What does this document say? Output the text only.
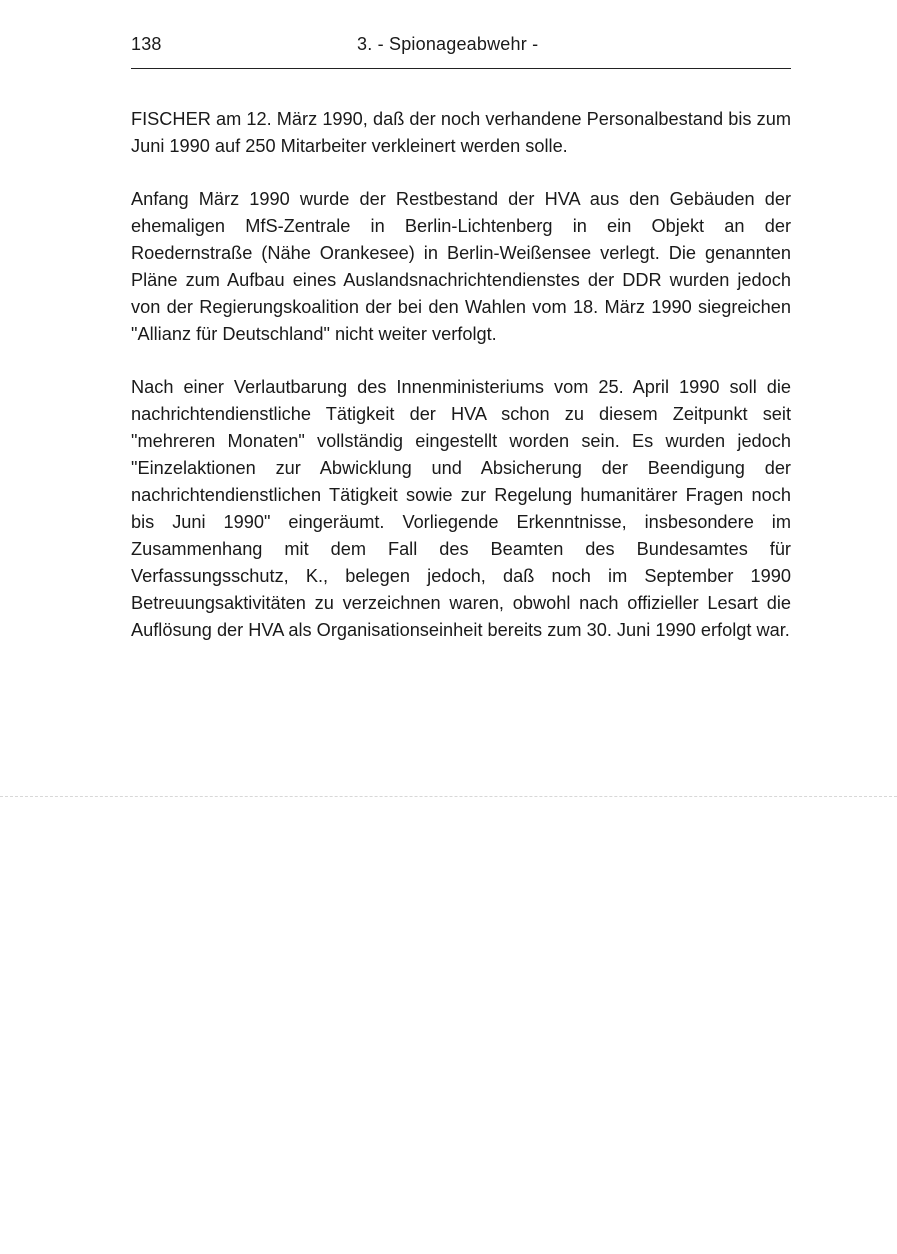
138	3. - Spionageabwehr -

FISCHER am 12. März 1990, daß der noch verhandene Personalbestand bis zum Juni 1990 auf 250 Mitarbeiter verkleinert werden solle.

Anfang März 1990 wurde der Restbestand der HVA aus den Gebäuden der ehemaligen MfS-Zentrale in Berlin-Lichtenberg in ein Objekt an der Roedernstraße (Nähe Orankesee) in Berlin-Weißensee verlegt. Die genannten Pläne zum Aufbau eines Auslandsnachrichtendienstes der DDR wurden jedoch von der Regierungskoalition der bei den Wahlen vom 18. März 1990 siegreichen "Allianz für Deutschland" nicht weiter verfolgt.

Nach einer Verlautbarung des Innenministeriums vom 25. April 1990 soll die nachrichtendienstliche Tätigkeit der HVA schon zu diesem Zeitpunkt seit "mehreren Monaten" vollständig eingestellt worden sein. Es wurden jedoch "Einzelaktionen zur Abwicklung und Absicherung der Beendigung der nachrichtendienstlichen Tätigkeit sowie zur Regelung humanitärer Fragen noch bis Juni 1990" eingeräumt. Vorliegende Erkenntnisse, insbesondere im Zusammenhang mit dem Fall des Beamten des Bundesamtes für Verfassungsschutz, K., belegen jedoch, daß noch im September 1990 Betreuungsaktivitäten zu verzeichnen waren, obwohl nach offizieller Lesart die Auflösung der HVA als Organisationseinheit bereits zum 30. Juni 1990 erfolgt war.
